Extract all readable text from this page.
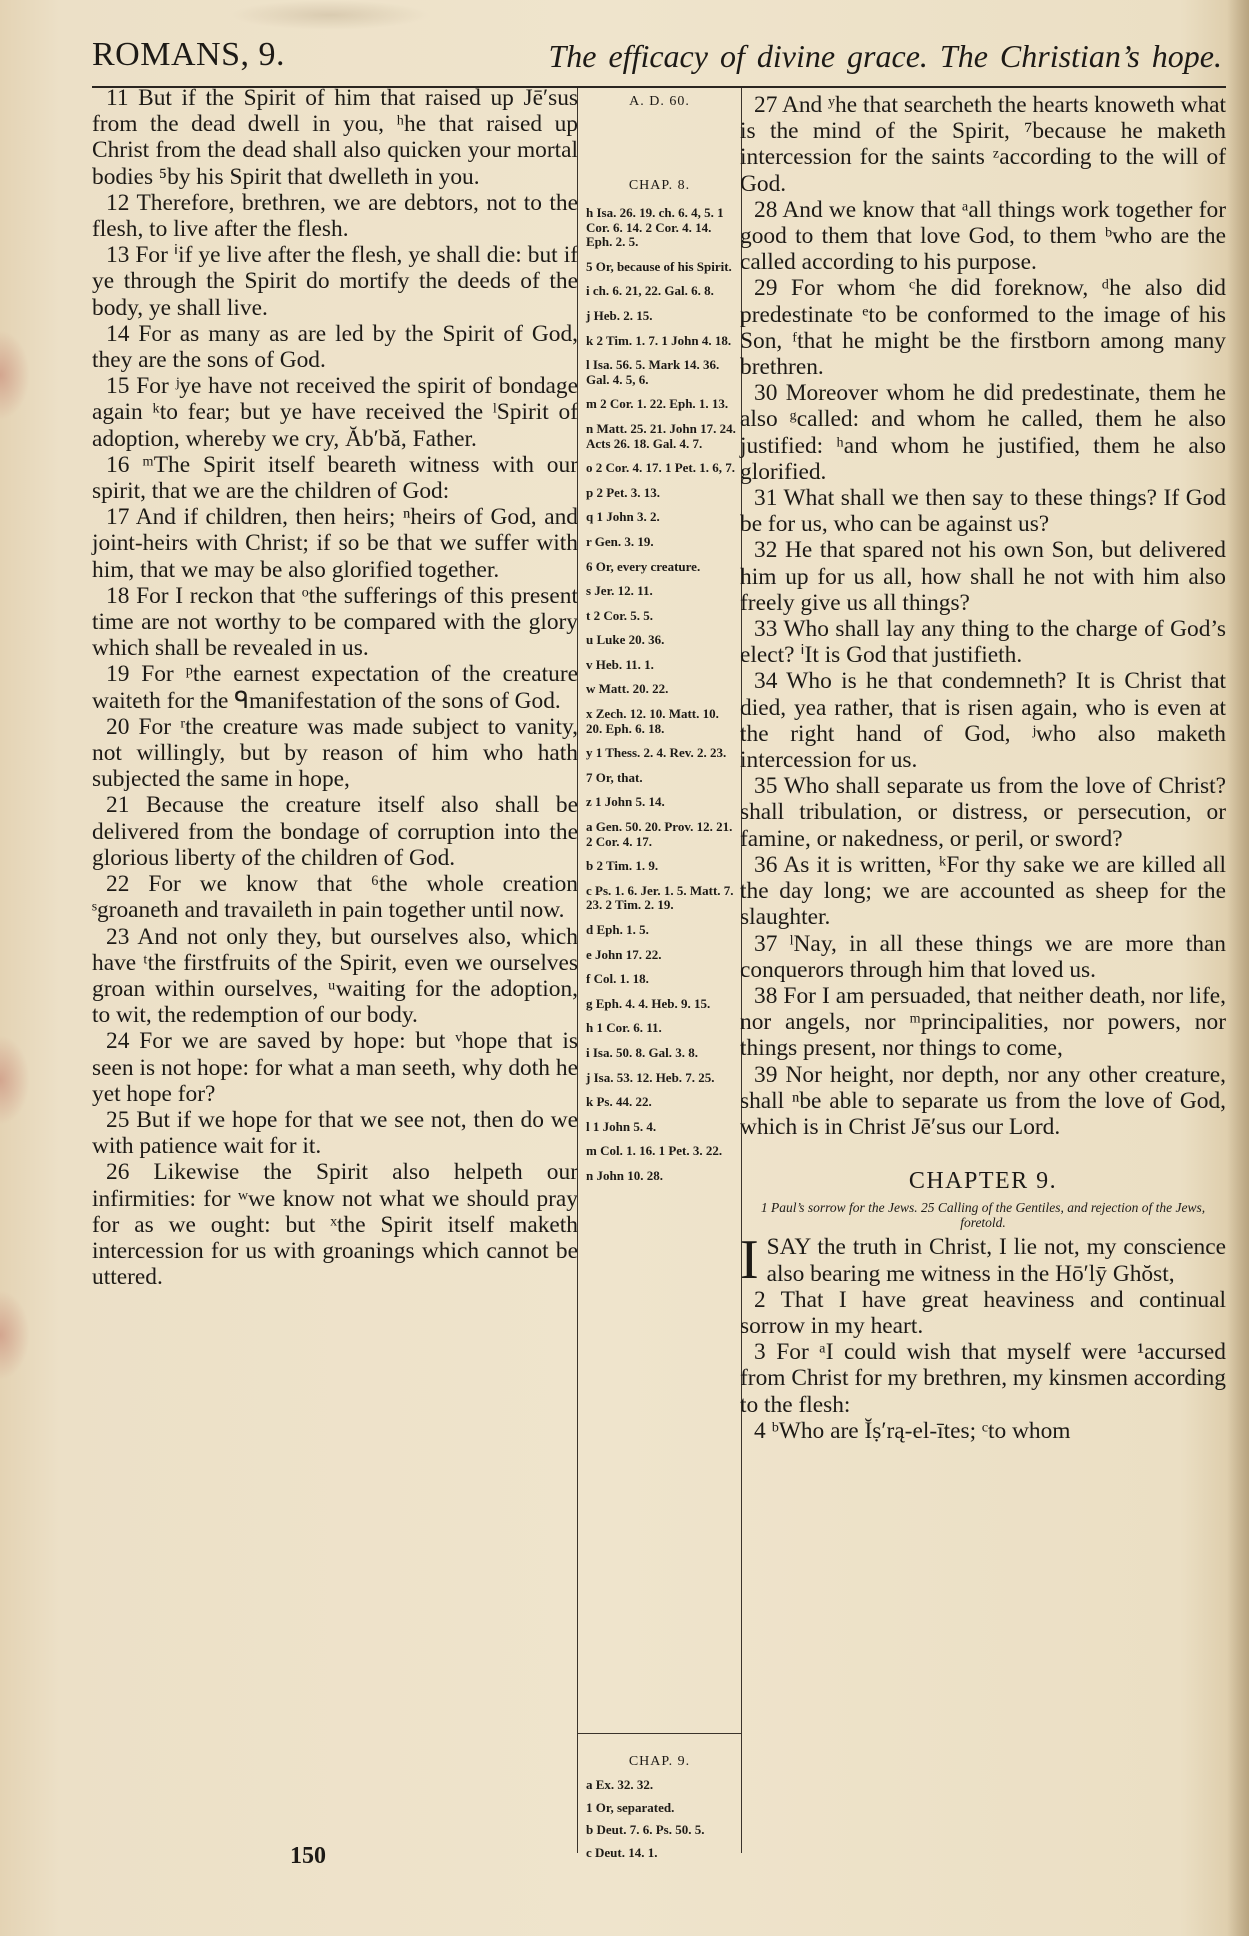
ROMANS, 9.	The efficacy of divine grace. The Christian’s hope.

11 But if the Spirit of him that raised up Jē′sus from the dead dwell in you, ʰhe that raised up Christ from the dead shall also quicken your mortal bodies ⁵by his Spirit that dwelleth in you.

12 Therefore, brethren, we are debtors, not to the flesh, to live after the flesh.

13 For ⁱif ye live after the flesh, ye shall die: but if ye through the Spirit do mortify the deeds of the body, ye shall live.

14 For as many as are led by the Spirit of God, they are the sons of God.

15 For ʲye have not received the spirit of bondage again ᵏto fear; but ye have received the ˡSpirit of adoption, whereby we cry, Ăb′bă, Father.

16 ᵐThe Spirit itself beareth witness with our spirit, that we are the children of God:

17 And if children, then heirs; ⁿheirs of God, and joint-heirs with Christ; if so be that we suffer with him, that we may be also glorified together.

18 For I reckon that ᵒthe sufferings of this present time are not worthy to be compared with the glory which shall be revealed in us.

19 For ᵖthe earnest expectation of the creature waiteth for the ᑫmanifestation of the sons of God.

20 For ʳthe creature was made subject to vanity, not willingly, but by reason of him who hath subjected the same in hope,

21 Because the creature itself also shall be delivered from the bondage of corruption into the glorious liberty of the children of God.

22 For we know that ⁶the whole creation ˢgroaneth and travaileth in pain together until now.

23 And not only they, but ourselves also, which have ᵗthe firstfruits of the Spirit, even we ourselves groan within ourselves, ᵘwaiting for the adoption, to wit, the redemption of our body.

24 For we are saved by hope: but ᵛhope that is seen is not hope: for what a man seeth, why doth he yet hope for?

25 But if we hope for that we see not, then do we with patience wait for it.

26 Likewise the Spirit also helpeth our infirmities: for ʷwe know not what we should pray for as we ought: but ˣthe Spirit itself maketh intercession for us with groanings which cannot be uttered.

A. D. 60.
CHAP. 8.

h Isa. 26. 19. ch. 6. 4, 5. 1 Cor. 6. 14. 2 Cor. 4. 14. Eph. 2. 5.

5 Or, because of his Spirit.

i ch. 6. 21, 22. Gal. 6. 8.

j Heb. 2. 15.

k 2 Tim. 1. 7. 1 John 4. 18.

l Isa. 56. 5. Mark 14. 36. Gal. 4. 5, 6.

m 2 Cor. 1. 22. Eph. 1. 13.

n Matt. 25. 21. John 17. 24. Acts 26. 18. Gal. 4. 7.

o 2 Cor. 4. 17. 1 Pet. 1. 6, 7.

p 2 Pet. 3. 13.

q 1 John 3. 2.

r Gen. 3. 19.

6 Or, every creature.

s Jer. 12. 11.

t 2 Cor. 5. 5.

u Luke 20. 36.

v Heb. 11. 1.

w Matt. 20. 22.

x Zech. 12. 10. Matt. 10. 20. Eph. 6. 18.

y 1 Thess. 2. 4. Rev. 2. 23.

7 Or, that.

z 1 John 5. 14.

a Gen. 50. 20. Prov. 12. 21. 2 Cor. 4. 17.

b 2 Tim. 1. 9.

c Ps. 1. 6. Jer. 1. 5. Matt. 7. 23. 2 Tim. 2. 19.

d Eph. 1. 5.

e John 17. 22.

f Col. 1. 18.

g Eph. 4. 4. Heb. 9. 15.

h 1 Cor. 6. 11.

i Isa. 50. 8. Gal. 3. 8.

j Isa. 53. 12. Heb. 7. 25.

k Ps. 44. 22.

l 1 John 5. 4.

m Col. 1. 16. 1 Pet. 3. 22.

n John 10. 28.

CHAP. 9.

a Ex. 32. 32.

1 Or, separated.

b Deut. 7. 6. Ps. 50. 5.

c Deut. 14. 1.

27 And ʸhe that searcheth the hearts knoweth what is the mind of the Spirit, ⁷because he maketh intercession for the saints ᶻaccording to the will of God.

28 And we know that ᵃall things work together for good to them that love God, to them ᵇwho are the called according to his purpose.

29 For whom ᶜhe did foreknow, ᵈhe also did predestinate ᵉto be conformed to the image of his Son, ᶠthat he might be the firstborn among many brethren.

30 Moreover whom he did predestinate, them he also ᵍcalled: and whom he called, them he also justified: ʰand whom he justified, them he also glorified.

31 What shall we then say to these things? If God be for us, who can be against us?

32 He that spared not his own Son, but delivered him up for us all, how shall he not with him also freely give us all things?

33 Who shall lay any thing to the charge of God’s elect? ⁱIt is God that justifieth.

34 Who is he that condemneth? It is Christ that died, yea rather, that is risen again, who is even at the right hand of God, ʲwho also maketh intercession for us.

35 Who shall separate us from the love of Christ? shall tribulation, or distress, or persecution, or famine, or nakedness, or peril, or sword?

36 As it is written, ᵏFor thy sake we are killed all the day long; we are accounted as sheep for the slaughter.

37 ˡNay, in all these things we are more than conquerors through him that loved us.

38 For I am persuaded, that neither death, nor life, nor angels, nor ᵐprincipalities, nor powers, nor things present, nor things to come,

39 Nor height, nor depth, nor any other creature, shall ⁿbe able to separate us from the love of God, which is in Christ Jē′sus our Lord.

CHAPTER 9.

1 Paul’s sorrow for the Jews. 25 Calling of the Gentiles, and rejection of the Jews, foretold.

ISAY the truth in Christ, I lie not, my conscience also bearing me witness in the Hō′lȳ Ghŏst,

2 That I have great heaviness and continual sorrow in my heart.

3 For ᵃI could wish that myself were ¹accursed from Christ for my brethren, my kinsmen according to the flesh:

4 ᵇWho are Ĭṣ′rą-el-ītes; ᶜto whom

150
